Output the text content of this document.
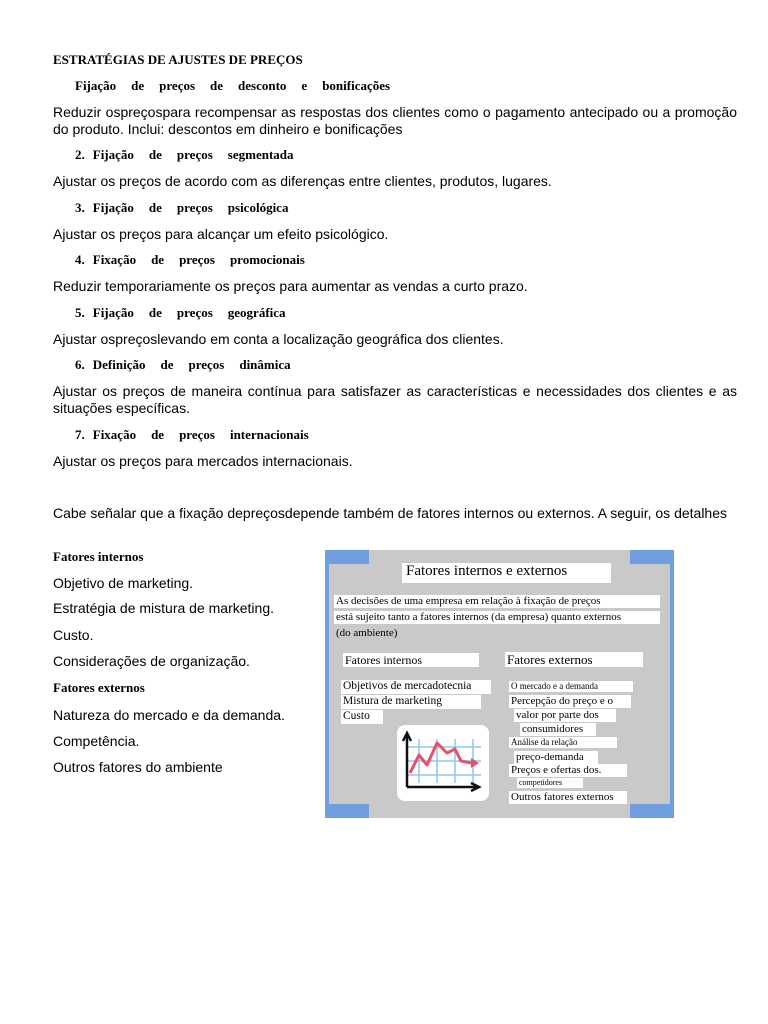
ESTRATÉGIAS DE AJUSTES DE PREÇOS
Fijação de preços de desconto e bonificações

Reduzir ospreçospara recompensar as respostas dos clientes como o pagamento antecipado ou a promoção do produto. Inclui: descontos em dinheiro e bonificações

2. Fijação de preços segmentada

Ajustar os preços de acordo com as diferenças entre clientes, produtos, lugares.

3. Fijação de preços psicológica

Ajustar os preços para alcançar um efeito psicológico.

4. Fixação de preços promocionais

Reduzir temporariamente os preços para aumentar as vendas a curto prazo.

5. Fijação de preços geográfica

Ajustar ospreçoslevando em conta a localização geográfica dos clientes.

6. Definição de preços dinâmica

Ajustar os preços de maneira contínua para satisfazer as características e necessidades dos clientes e as situações específicas.

7. Fixação de preços internacionais

Ajustar os preços para mercados internacionais.

Cabe señalar que a fixação depreçosdepende também de fatores internos ou externos. A seguir, os detalhes

Fatores internos
Objetivo de marketing.
Estratégia de mistura de marketing.
Custo.
Considerações de organização.
Fatores externos
Natureza do mercado e da demanda.
Competência.
Outros fatores do ambiente
Fatores internos e externos
As decisões de uma empresa em relação à fixação de preços
está sujeito tanto a fatores internos (da empresa) quanto externos
(do ambiente)
Fatores internos	Fatores externos
Objetivos de mercadotecnia
Mistura de marketing
Custo
O mercado e a demanda
Percepção do preço e o
valor por parte dos
consumidores
Análise da relação
preço-demanda
Preços e ofertas dos.
competidores
Outros fatores externos
